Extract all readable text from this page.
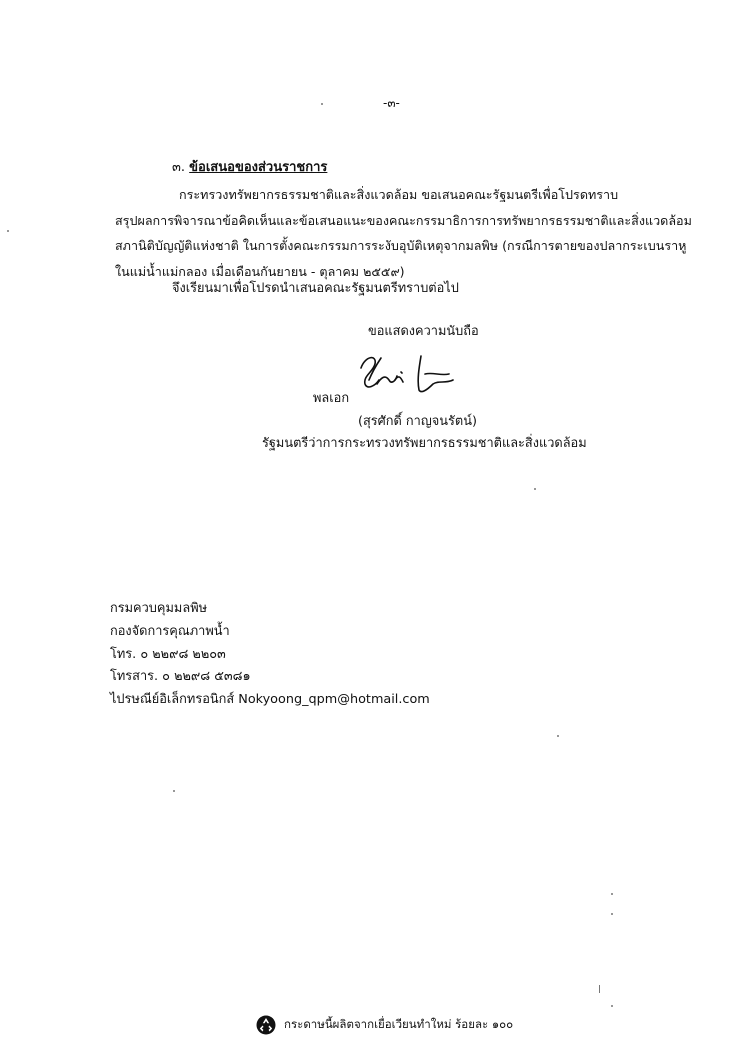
-๓-
๓. ข้อเสนอของส่วนราชการ
กระทรวงทรัพยากรธรรมชาติและสิ่งแวดล้อม ขอเสนอคณะรัฐมนตรีเพื่อโปรดทราบ
สรุปผลการพิจารณาข้อคิดเห็นและข้อเสนอแนะของคณะกรรมาธิการการทรัพยากรธรรมชาติและสิ่งแวดล้อม
สภานิติบัญญัติแห่งชาติ ในการตั้งคณะกรรมการระงับอุบัติเหตุจากมลพิษ (กรณีการตายของปลากระเบนราหู
ในแม่น้ำแม่กลอง เมื่อเดือนกันยายน - ตุลาคม ๒๕๕๙)
จึงเรียนมาเพื่อโปรดนำเสนอคณะรัฐมนตรีทราบต่อไป
ขอแสดงความนับถือ
พลเอก
(สุรศักดิ์ กาญจนรัตน์)
รัฐมนตรีว่าการกระทรวงทรัพยากรธรรมชาติและสิ่งแวดล้อม
กรมควบคุมมลพิษ
กองจัดการคุณภาพน้ำ
โทร. ๐ ๒๒๙๘ ๒๒๐๓
โทรสาร. ๐ ๒๒๙๘ ๕๓๘๑
ไปรษณีย์อิเล็กทรอนิกส์ Nokyoong_qpm@hotmail.com
กระดาษนี้ผลิตจากเยื่อเวียนทำใหม่ ร้อยละ ๑๐๐
